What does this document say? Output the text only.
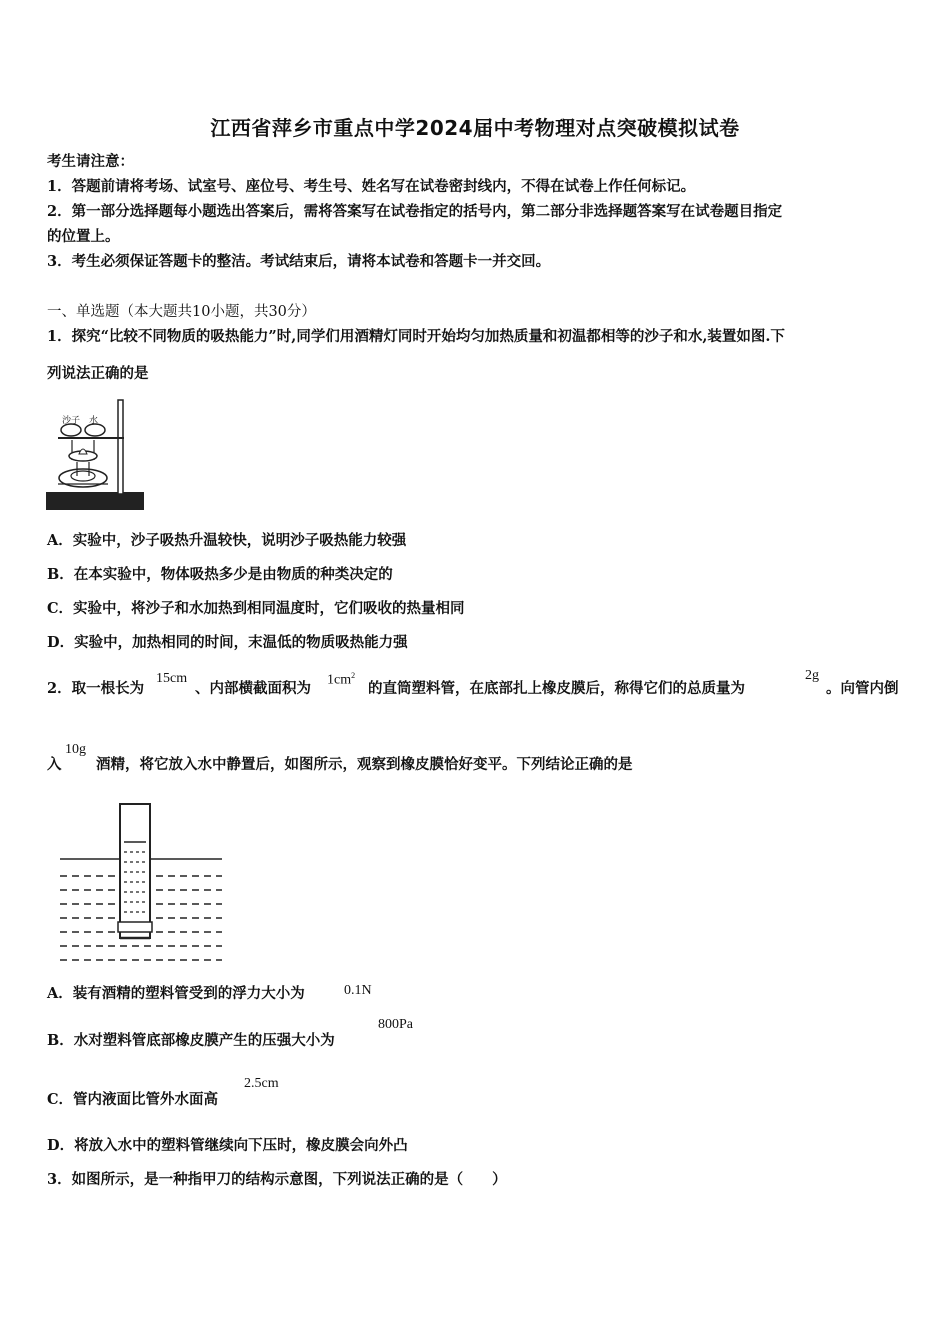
江西省萍乡市重点中学2024届中考物理对点突破模拟试卷
考生请注意：
1．答题前请将考场、试室号、座位号、考生号、姓名写在试卷密封线内，不得在试卷上作任何标记。
2．第一部分选择题每小题选出答案后，需将答案写在试卷指定的括号内，第二部分非选择题答案写在试卷题目指定
的位置上。
3．考生必须保证答题卡的整洁。考试结束后，请将本试卷和答题卡一并交回。
一、单选题（本大题共10小题，共30分）
1．探究“比较不同物质的吸热能力”时,同学们用酒精灯同时开始均匀加热质量和初温都相等的沙子和水,装置如图.下
列说法正确的是
沙子 水
A．实验中，沙子吸热升温较快，说明沙子吸热能力较强
B．在本实验中，物体吸热多少是由物质的种类决定的
C．实验中，将沙子和水加热到相同温度时，它们吸收的热量相同
D．实验中，加热相同的时间，末温低的物质吸热能力强
2．取一根长为
15cm
、内部横截面积为 $1cm^2$
的直筒塑料管，在底部扎上橡皮膜后，称得它们的总质量为
2g
。向管内倒
入
10g
酒精，将它放入水中静置后，如图所示，观察到橡皮膜恰好变平。下列结论正确的是
A．装有酒精的塑料管受到的浮力大小为	0.1N
B．水对塑料管底部橡皮膜产生的压强大小为
800Pa
C．管内液面比管外水面高
2.5cm
D．将放入水中的塑料管继续向下压时，橡皮膜会向外凸
3．如图所示，是一种指甲刀的结构示意图，下列说法正确的是（　　）
